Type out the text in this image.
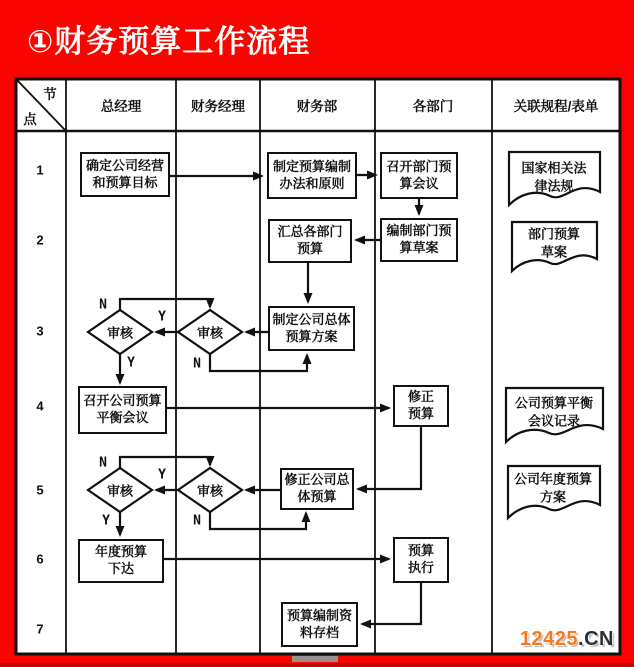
①财务预算工作流程
节
点
总经理	财务经理	财务部	各部门	关联规程/表单
1
2
3
4
5
6
7
确定公司经营
和预算目标
制定预算编制
办法和原则
召开部门预
算会议
汇总各部门
预算
编制部门预
算草案
制定公司总体
预算方案
召开公司预算
平衡会议
修正
预算
修正公司总
体预算
年度预算
下达
预算
执行
预算编制资
料存档
审核	审核
审核	审核
N
Y
Y	N
N
Y
Y	N
国家相关法
律法规
部门预算
草案
公司预算平衡
会议记录
公司年度预算
方案
12425.CN
